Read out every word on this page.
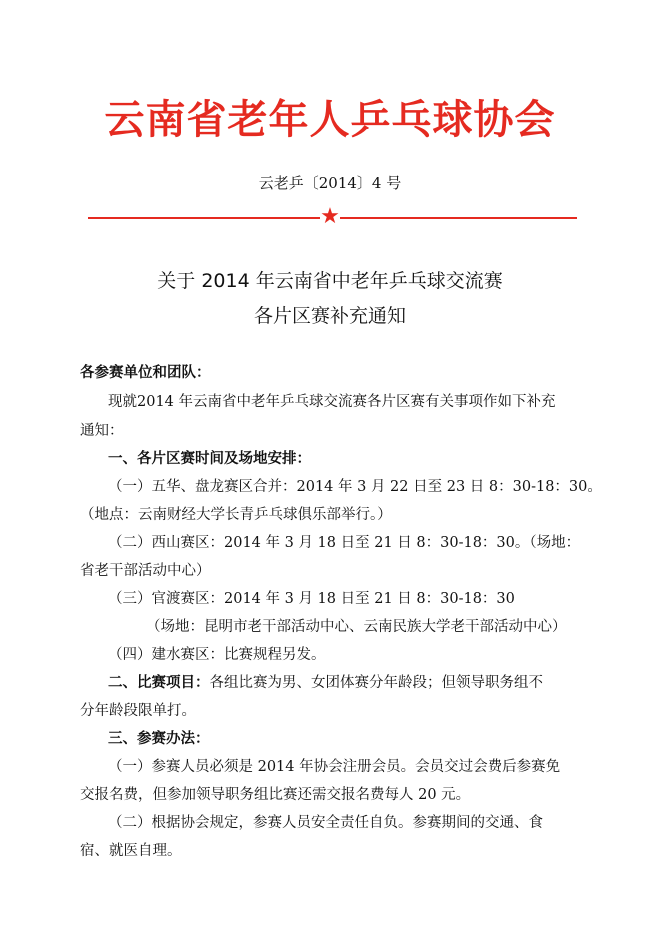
云南省老年人乒乓球协会
云老乒〔2014〕4 号
★
关于 2014 年云南省中老年乒乓球交流赛
各片区赛补充通知
各参赛单位和团队：
现就2014 年云南省中老年乒乓球交流赛各片区赛有关事项作如下补充
通知：
一、各片区赛时间及场地安排：
（一）五华、盘龙赛区合并：2014 年 3 月 22 日至 23 日 8：30-18：30。
（地点：云南财经大学长青乒乓球俱乐部举行。）
（二）西山赛区：2014 年 3 月 18 日至 21 日 8：30-18：30。（场地：
省老干部活动中心）
（三）官渡赛区：2014 年 3 月 18 日至 21 日 8：30-18：30
（场地：昆明市老干部活动中心、云南民族大学老干部活动中心）
（四）建水赛区：比赛规程另发。
二、比赛项目：各组比赛为男、女团体赛分年龄段；但领导职务组不
分年龄段限单打。
三、参赛办法：
（一）参赛人员必须是 2014 年协会注册会员。会员交过会费后参赛免
交报名费，但参加领导职务组比赛还需交报名费每人 20 元。
（二）根据协会规定，参赛人员安全责任自负。参赛期间的交通、食
宿、就医自理。
